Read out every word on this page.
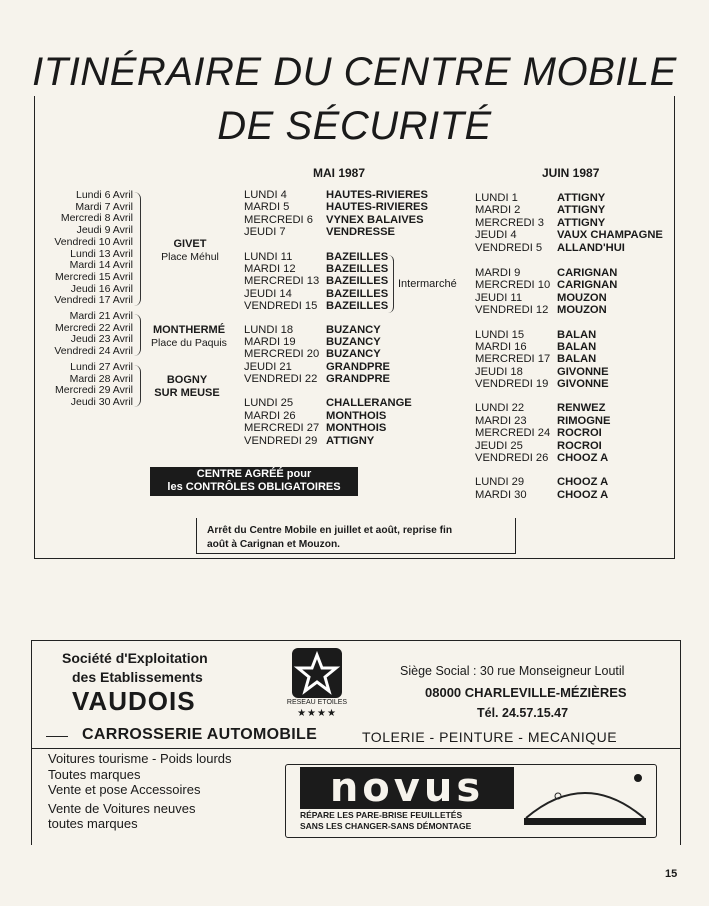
ITINÉRAIRE DU CENTRE MOBILE
DE SÉCURITÉ
MAI 1987	JUIN 1987
Lundi 6 Avril
Mardi 7 Avril
Mercredi 8 Avril
Jeudi 9 Avril
Vendredi 10 Avril
Lundi 13 Avril
Mardi 14 Avril
Mercredi 15 Avril
Jeudi 16 Avril
Vendredi 17 Avril
GIVET
Place Méhul
Mardi 21 Avril
Mercredi 22 Avril
Jeudi 23 Avril
Vendredi 24 Avril
MONTHERMÉ
Place du Paquis
Lundi 27 Avril
Mardi 28 Avril
Mercredi 29 Avril
Jeudi 30 Avril
BOGNY
SUR MEUSE
LUNDI 4	HAUTES-RIVIERES
MARDI 5	HAUTES-RIVIERES
MERCREDI 6 VYNEX BALAIVES
JEUDI 7	VENDRESSE
LUNDI 11	BAZEILLES
MARDI 12	BAZEILLES
MERCREDI 13 BAZEILLES
JEUDI 14	BAZEILLES
VENDREDI 15 BAZEILLES
LUNDI 18	BUZANCY
MARDI 19	BUZANCY
MERCREDI 20 BUZANCY
JEUDI 21	GRANDPRE
VENDREDI 22 GRANDPRE
LUNDI 25	CHALLERANGE
MARDI 26	MONTHOIS
MERCREDI 27 MONTHOIS
VENDREDI 29 ATTIGNY
Intermarché
LUNDI 1	ATTIGNY
MARDI 2	ATTIGNY
MERCREDI 3 ATTIGNY
JEUDI 4	VAUX CHAMPAGNE
VENDREDI 5 ALLAND'HUI
MARDI 9	CARIGNAN
MERCREDI 10 CARIGNAN
JEUDI 11	MOUZON
VENDREDI 12 MOUZON
LUNDI 15	BALAN
MARDI 16	BALAN
MERCREDI 17 BALAN
JEUDI 18	GIVONNE
VENDREDI 19 GIVONNE
LUNDI 22	RENWEZ
MARDI 23	RIMOGNE
MERCREDI 24 ROCROI
JEUDI 25	ROCROI
VENDREDI 26 CHOOZ A
LUNDI 29	CHOOZ A
MARDI 30	CHOOZ A
CENTRE AGRÉÉ pour
les CONTRÔLES OBLIGATOIRES
Arrêt du Centre Mobile en juillet et août, reprise fin
août à Carignan et Mouzon.
Société d'Exploitation
des Etablissements
VAUDOIS	RESEAU ETOILES
★★★★
Siège Social : 30 rue Monseigneur Loutil
08000 CHARLEVILLE-MÉZIÈRES
Tél. 24.57.15.47
CARROSSERIE AUTOMOBILE	TOLERIE - PEINTURE - MECANIQUE
Voitures tourisme - Poids lourds
Toutes marques
Vente et pose Accessoires
Vente de Voitures neuves
toutes marques
novus
RÉPARE LES PARE-BRISE FEUILLETÉS
SANS LES CHANGER-SANS DÉMONTAGE
15
